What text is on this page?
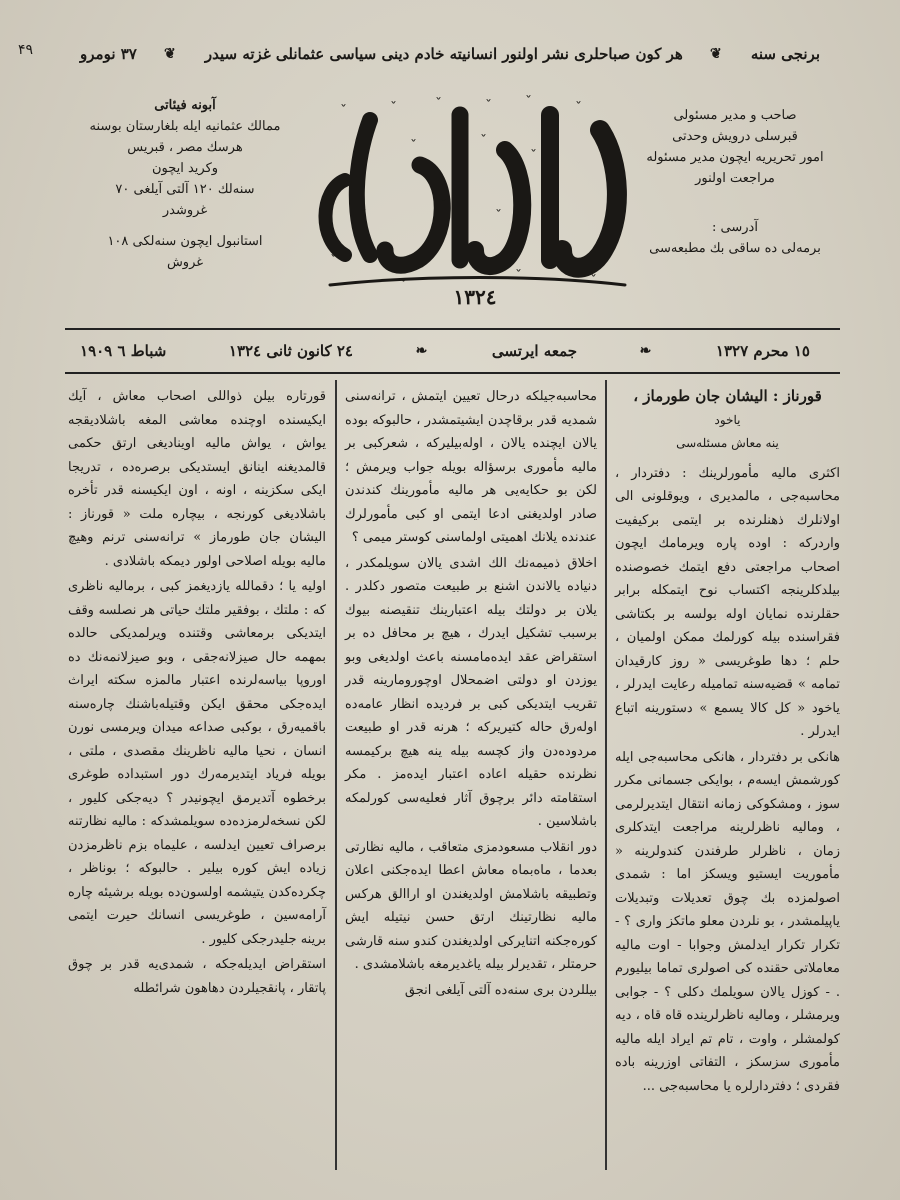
۴٩	برنجی سنه
❦
هر کون صباحلری نشر اولنور انسانیته خادم دینی سیاسی عثمانلی غزته سیدر
❦
٣٧ نومرو
صاحب و مدیر مسئولی
قبرسلی درویش وحدتی
امور تحریریه ایچون مدیر مسئوله
مراجعت اولنور
آدرسی :
برمه‌لی ده ساقی بك مطبعه‌سی
ˇ	ˇ	ˇ	ˇ ˇ	ˇ
ˇ	ˇ
ˇ
ˇ
ˇ
ˇ
ˇ
ˇ
ˇ	ˇ
١٣٢٤
آبونه فیئاتی
ممالك عثمانیه ایله بلغارستان بوسنه
هرسك مصر ، قبریس
وكرید ایچون
سنه‌لك ١٢٠ آلتی آیلغی ٧٠
غروشدر
استانبول ایچون سنه‌لکی ١٠٨
غروش
١٥ محرم ١٣٢٧
❧
جمعه ایرتسی
❧
٢٤ كانون ثانی ١٣٢٤
شباط ٦ ١٩٠٩
قورناز : الیشان جان طورماز ،
یاخود
ینه معاش مسئله‌سی

اکثری مالیه مأمورلرینك : دفتردار ، محاسبه‌جی ، مالمدیری ، ویوقلونی الی اولانلرك ذهنلرنده بر ایتمی برکیفیت واردرکه : اوده پاره ویرمامك ایچون اصحاب مراجعتی دفع ایتمك خصوصنده بیلدکلرینجه اکتساب نوح ایتمکله برابر حقلرنده نمایان اوله بولسه بر بکتاشی فقراسنده بیله کورلمك ممکن اولمیان ، حلم ؛ دها طوغریسی « روز کارقیدان تمامه » قضیه‌سنه تمامیله رعایت ایدرلر ، یاخود « کل کالا یسمع » دستورینه اتباع ایدرلر .

هانکی بر دفتردار ، هانکی محاسبه‌جی ایله کورشمش ایسه‌م ، بوایکی جسمانی مکرر سوز ، ومشکوکی زمانه انتقال ایتدیرلرمی ، ومالیه ناظرلرینه مراجعت ایتدکلری زمان ، ناظرلر طرفندن کندولرینه « مأموریت ایستیو ویسکز اما : شمدی اصولمزده بك چوق تعدیلات وتبدیلات یاپیلمشدر ، بو نلردن معلو ماتکز واری ؟ - تکرار تکرار ایدلمش وجوابا - اوت مالیه معاملاتی حقنده کی اصولری تماما بیلیورم . - کوزل یالان سویلمك دکلی ؟ - جوابی ویرمشلر ، ومالیه ناظرلرینده قاه قاه ، دیه کولمشلر ، واوت ، تام تم ایراد ایله مالیه مأموری سزسکز ، التفاتی اوزرینه باده فقردی ؛ دفتردارلره یا محاسبه‌جی ...

محاسبه‌جیلکه درحال تعیین ایتمش ، ترانه‌سنی شمدیه قدر برقاچدن ایشیتمشدر ، حالبوکه بوده یالان ایچنده یالان ، اوله‌بیلیرکه ، شعرکبی بر مالیه مأموری برسؤاله بویله جواب ویرمش ؛ لکن بو حکایه‌یی هر مالیه مأمورینك کندندن صادر اولدیغنی ادعا ایتمی او کبی مأمورلرك عندنده یلانك اهمیتی اولماسنی کوستر میمی ؟

اخلاق ذمیمه‌نك الك اشدی یالان سویلمکدر ، دنیاده یالاندن اشنع بر طبیعت متصور دکلدر . یلان بر دولتك بیله اعتبارینك تنقیصنه بیوك برسبب تشکیل ایدرك ، هیچ بر محافل ده بر استقراض عقد ایده‌مامسنه باعث اولدیغی وبو یوزدن او دولتی اضمحلال اوچورومارینه قدر تقریب ایتدیکی کبی بر فردیده انظار عامه‌ده اوله‌رق حاله کتیریرکه ؛ هرنه قدر او طبیعت مردوده‌دن واز کچسه بیله ینه هیچ برکیمسه نظرنده حقیله اعاده اعتبار ایده‌مز . مکر استقامته دائر برچوق آثار فعلیه‌سی کورلمکه باشلاسین .

دور انقلاب مسعودمزی متعاقب ، مالیه نظارتی بعدما ، ماه‌بماه معاش اعطا ایده‌جکنی اعلان وتطبیقه باشلامش اولدیغندن او اراالق هرکس مالیه نظارتینك ارتق حسن نیتیله ایش کوره‌جکنه اتنایرکی اولدیغندن کندو سنه قارشی حرمتلر ، تقدیرلر بیله یاغدیرمغه باشلامشدی .

بیللردن بری سنه‌ده آلتی آیلغی انجق

قورتاره بیلن ذواللی اصحاب معاش ، آیك ایکیسنده اوچنده معاشی المغه باشلادیقجه یواش ، یواش مالیه اوینادیغی ارتق حکمی قالمدیغنه اینانق ایستدیکی برصره‌ده ، تدریجا ایکی سکزینه ، اونه ، اون ایکیسنه قدر تأخره باشلادیغی کورنجه ، بیچاره ملت « قورناز : الیشان جان طورماز » ترانه‌سنی ترنم وهیچ مالیه بویله اصلاحی اولور دیمکه باشلادی .

اولیه یا ؛ دقمالله یازدیغمز کبی ، برمالیه ناظری که : ملتك ، بوفقیر ملتك حیاتی هر نصلسه وقف ایتدیکی برمعاشی وقتنده ویرلمدیکی حالده بمهمه حال صیزلانه‌جقی ، وبو صیزلانمه‌نك ده اوروپا بیاسه‌لرنده اعتبار مالمزه سکته ایراث ایده‌جکی محقق ایکن وقتیله‌باشنك چاره‌سنه باقمیه‌رق ، بوکبی صداعه میدان ویرمسی نورن انسان ، نحیا مالیه ناظرینك مقصدی ، ملتی ، بویله فریاد ایتدیرمه‌رك دور استبداده طوغری برخطوه آتدیرمق ایچونیدر ؟ دیه‌جکی کلیور ، لکن نسخه‌لرمزده‌ده سویلمشدکه : مالیه نظارتنه برصراف تعیین ایدلسه ، علیماه بزم ناظرمزدن زیاده ایش کوره بیلیر . حالبوکه ؛ بوناظر ، چکرده‌کدن یتیشمه اولسون‌ده بویله برشیئه چاره آرامه‌سین ، طوغریسی انسانك حیرت ایتمی برینه جلیدرجکی کلیور .

استقراض ایدیله‌جکه ، شمدی‌یه قدر بر چوق پاتقار ، پانقجیلردن دهاهون شرائطله
